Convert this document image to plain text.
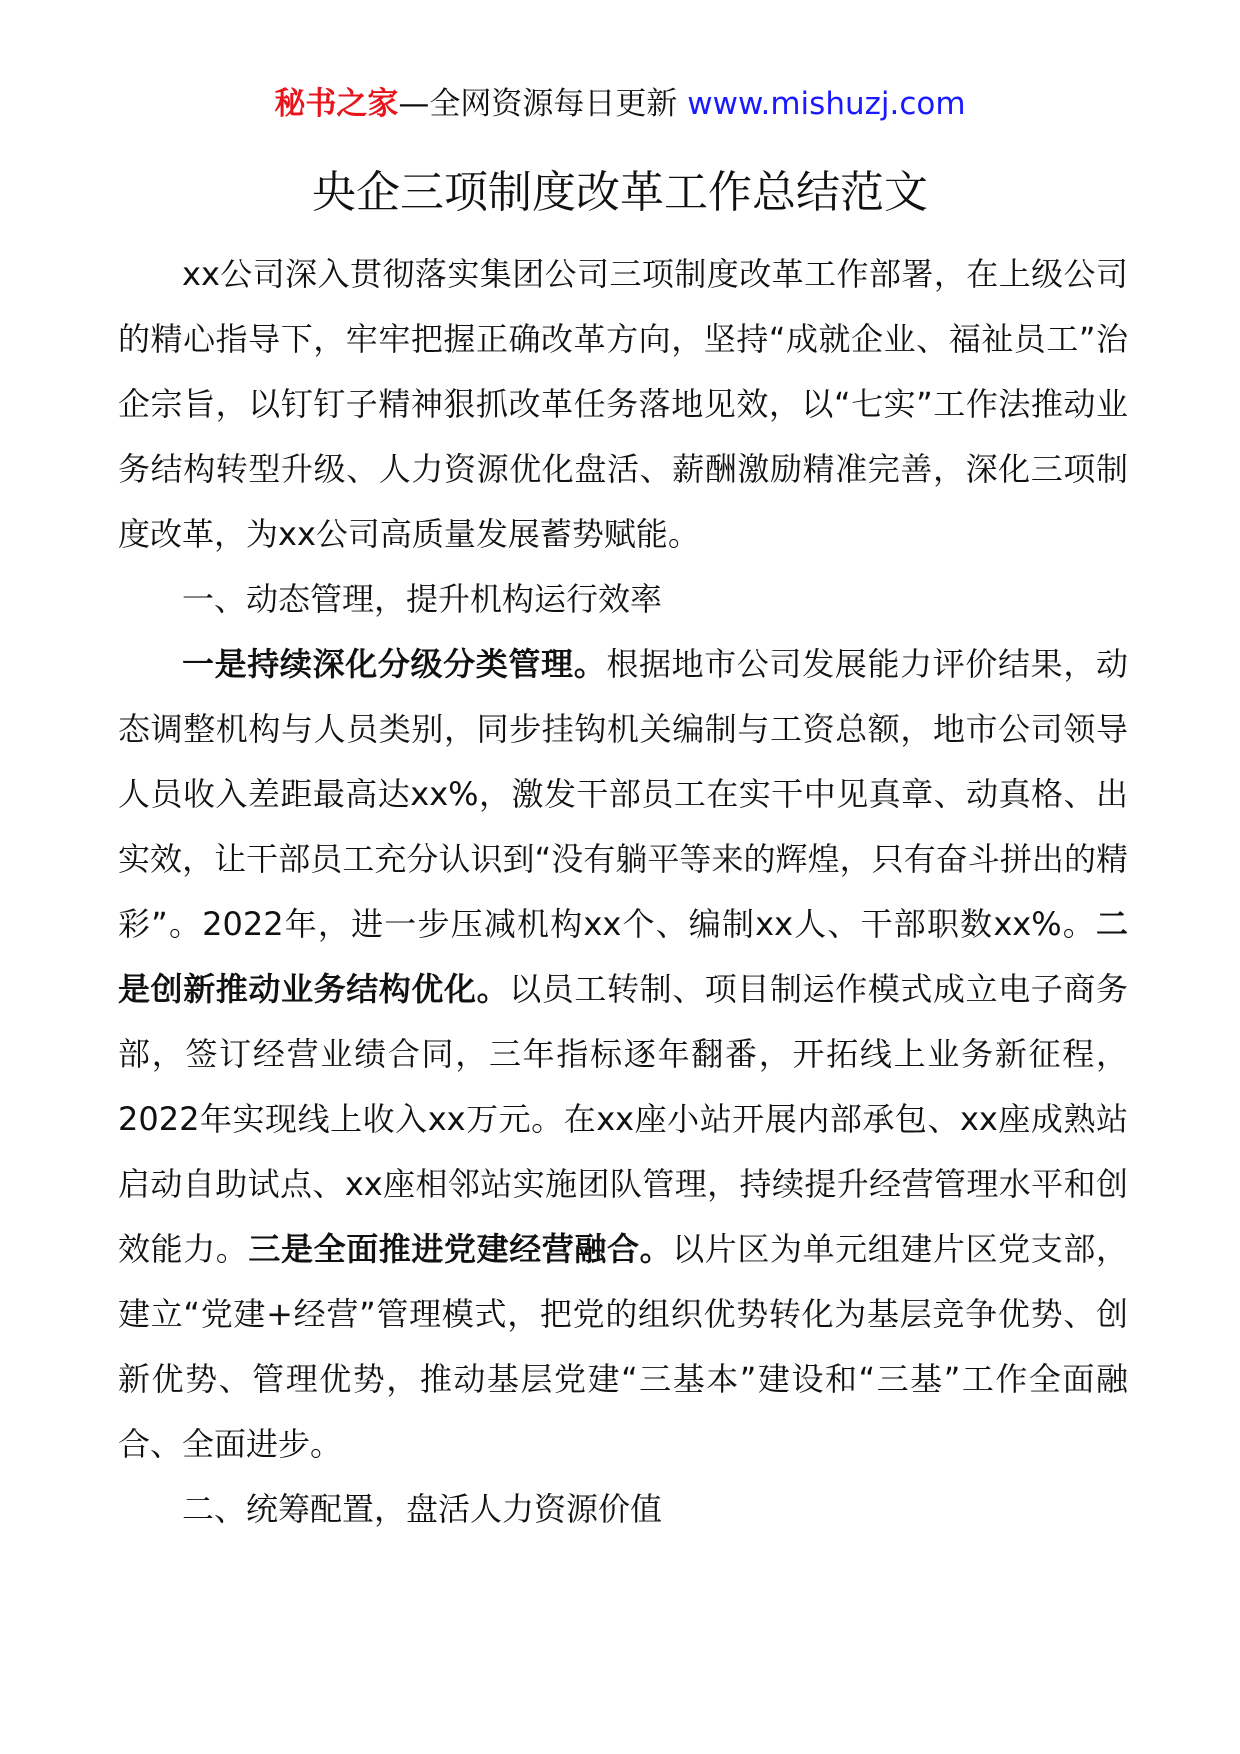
秘书之家—全网资源每日更新 www.mishuzj.com
央企三项制度改革工作总结范文

xx公司深入贯彻落实集团公司三项制度改革工作部署，在上级公司的精心指导下，牢牢把握正确改革方向，坚持“成就企业、福祉员工”治企宗旨，以钉钉子精神狠抓改革任务落地见效，以“七实”工作法推动业务结构转型升级、人力资源优化盘活、薪酬激励精准完善，深化三项制度改革，为xx公司高质量发展蓄势赋能。

一、动态管理，提升机构运行效率

一是持续深化分级分类管理。根据地市公司发展能力评价结果，动态调整机构与人员类别，同步挂钩机关编制与工资总额，地市公司领导人员收入差距最高达xx%，激发干部员工在实干中见真章、动真格、出实效，让干部员工充分认识到“没有躺平等来的辉煌，只有奋斗拼出的精彩”。2022年，进一步压减机构xx个、编制xx人、干部职数xx%。二是创新推动业务结构优化。以员工转制、项目制运作模式成立电子商务部，签订经营业绩合同，三年指标逐年翻番，开拓线上业务新征程，2022年实现线上收入xx万元。在xx座小站开展内部承包、xx座成熟站启动自助试点、xx座相邻站实施团队管理，持续提升经营管理水平和创效能力。三是全面推进党建经营融合。以片区为单元组建片区党支部，建立“党建+经营”管理模式，把党的组织优势转化为基层竞争优势、创新优势、管理优势，推动基层党建“三基本”建设和“三基”工作全面融合、全面进步。

二、统筹配置，盘活人力资源价值
